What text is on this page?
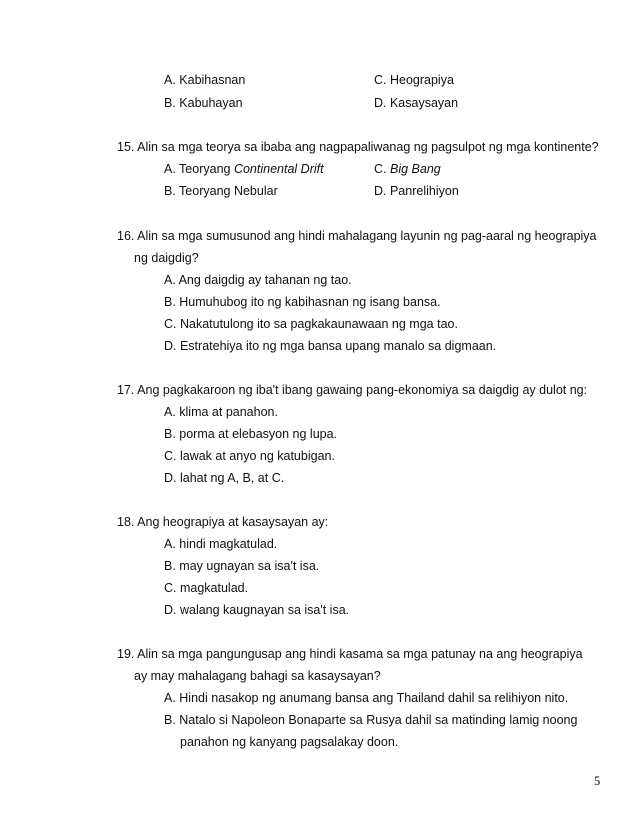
A. Kabihasnan	C. Heograpiya
B. Kabuhayan	D. Kasaysayan
15. Alin sa mga teorya sa ibaba ang nagpapaliwanag ng pagsulpot ng mga kontinente?
A. Teoryang Continental Drift	C. Big Bang
B. Teoryang Nebular	D. Panrelihiyon
16. Alin sa mga sumusunod ang hindi mahalagang layunin ng pag-aaral ng heograpiya
ng daigdig?
A. Ang daigdig ay tahanan ng tao.
B. Humuhubog ito ng kabihasnan ng isang bansa.
C. Nakatutulong ito sa pagkakaunawaan ng mga tao.
D. Estratehiya ito ng mga bansa upang manalo sa digmaan.
17. Ang pagkakaroon ng iba't ibang gawaing pang-ekonomiya sa daigdig ay dulot ng:
A. klima at panahon.
B. porma at elebasyon ng lupa.
C. lawak at anyo ng katubigan.
D. lahat ng A, B, at C.
18. Ang heograpiya at kasaysayan ay:
A. hindi magkatulad.
B. may ugnayan sa isa't isa.
C. magkatulad.
D. walang kaugnayan sa isa't isa.
19. Alin sa mga pangungusap ang hindi kasama sa mga patunay na ang heograpiya
ay may mahalagang bahagi sa kasaysayan?
A. Hindi nasakop ng anumang bansa ang Thailand dahil sa relihiyon nito.
B. Natalo si Napoleon Bonaparte sa Rusya dahil sa matinding lamig noong
panahon ng kanyang pagsalakay doon.
5
